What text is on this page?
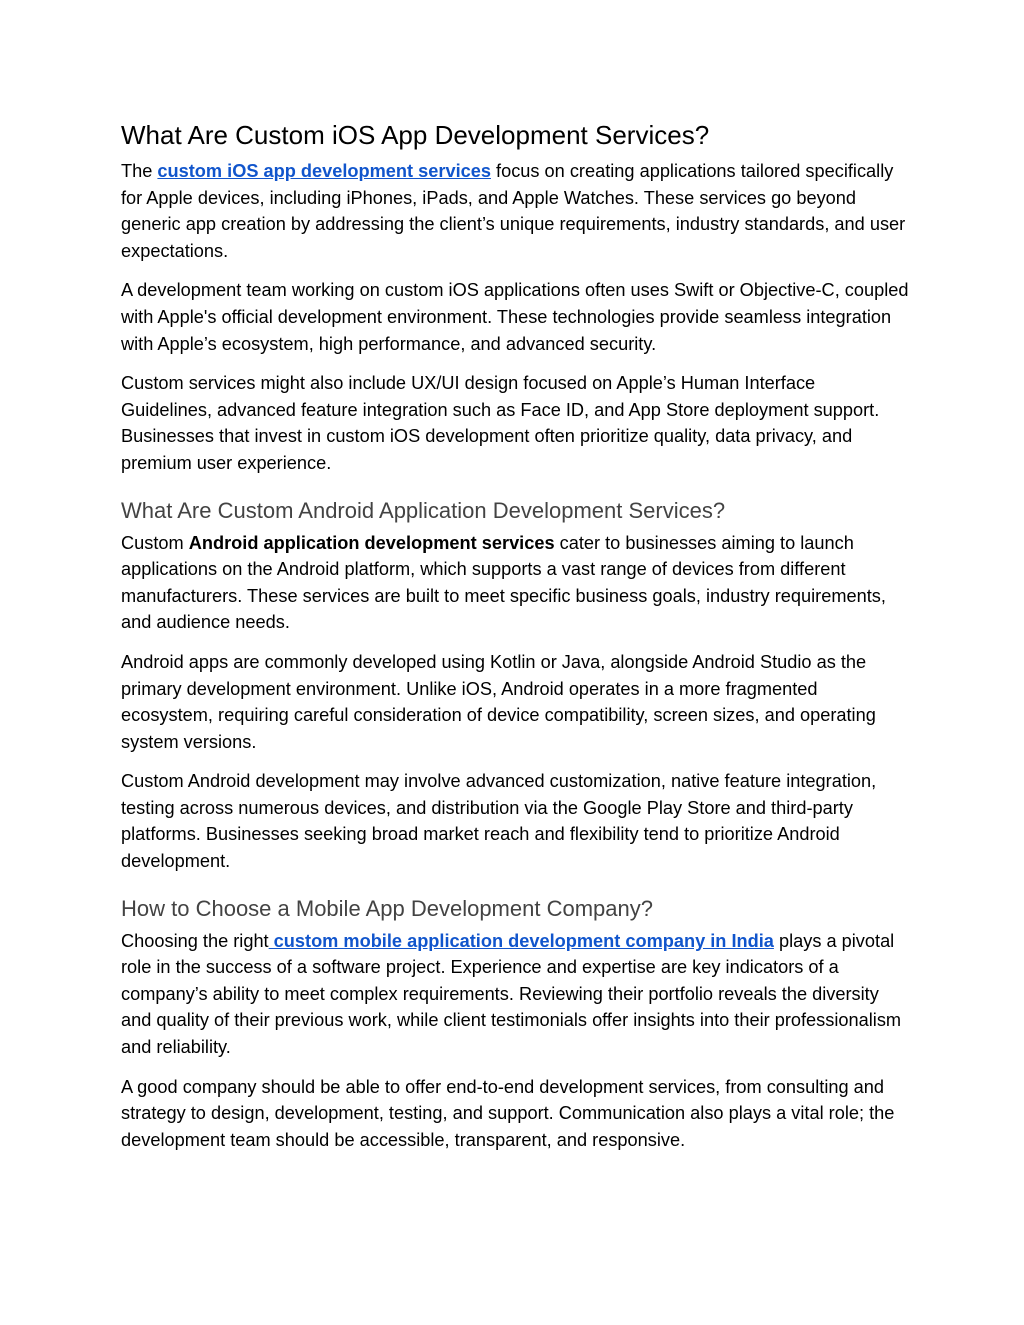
What Are Custom iOS App Development Services?

The custom iOS app development services focus on creating applications tailored specifically for Apple devices, including iPhones, iPads, and Apple Watches. These services go beyond generic app creation by addressing the client’s unique requirements, industry standards, and user expectations.

A development team working on custom iOS applications often uses Swift or Objective-C, coupled with Apple's official development environment. These technologies provide seamless integration with Apple’s ecosystem, high performance, and advanced security.

Custom services might also include UX/UI design focused on Apple’s Human Interface Guidelines, advanced feature integration such as Face ID, and App Store deployment support. Businesses that invest in custom iOS development often prioritize quality, data privacy, and premium user experience.

What Are Custom Android Application Development Services?

Custom Android application development services cater to businesses aiming to launch applications on the Android platform, which supports a vast range of devices from different manufacturers. These services are built to meet specific business goals, industry requirements, and audience needs.

Android apps are commonly developed using Kotlin or Java, alongside Android Studio as the primary development environment. Unlike iOS, Android operates in a more fragmented ecosystem, requiring careful consideration of device compatibility, screen sizes, and operating system versions.

Custom Android development may involve advanced customization, native feature integration, testing across numerous devices, and distribution via the Google Play Store and third-party platforms. Businesses seeking broad market reach and flexibility tend to prioritize Android development.

How to Choose a Mobile App Development Company?

Choosing the right custom mobile application development company in India plays a pivotal role in the success of a software project. Experience and expertise are key indicators of a company’s ability to meet complex requirements. Reviewing their portfolio reveals the diversity and quality of their previous work, while client testimonials offer insights into their professionalism and reliability.

A good company should be able to offer end-to-end development services, from consulting and strategy to design, development, testing, and support. Communication also plays a vital role; the development team should be accessible, transparent, and responsive.
